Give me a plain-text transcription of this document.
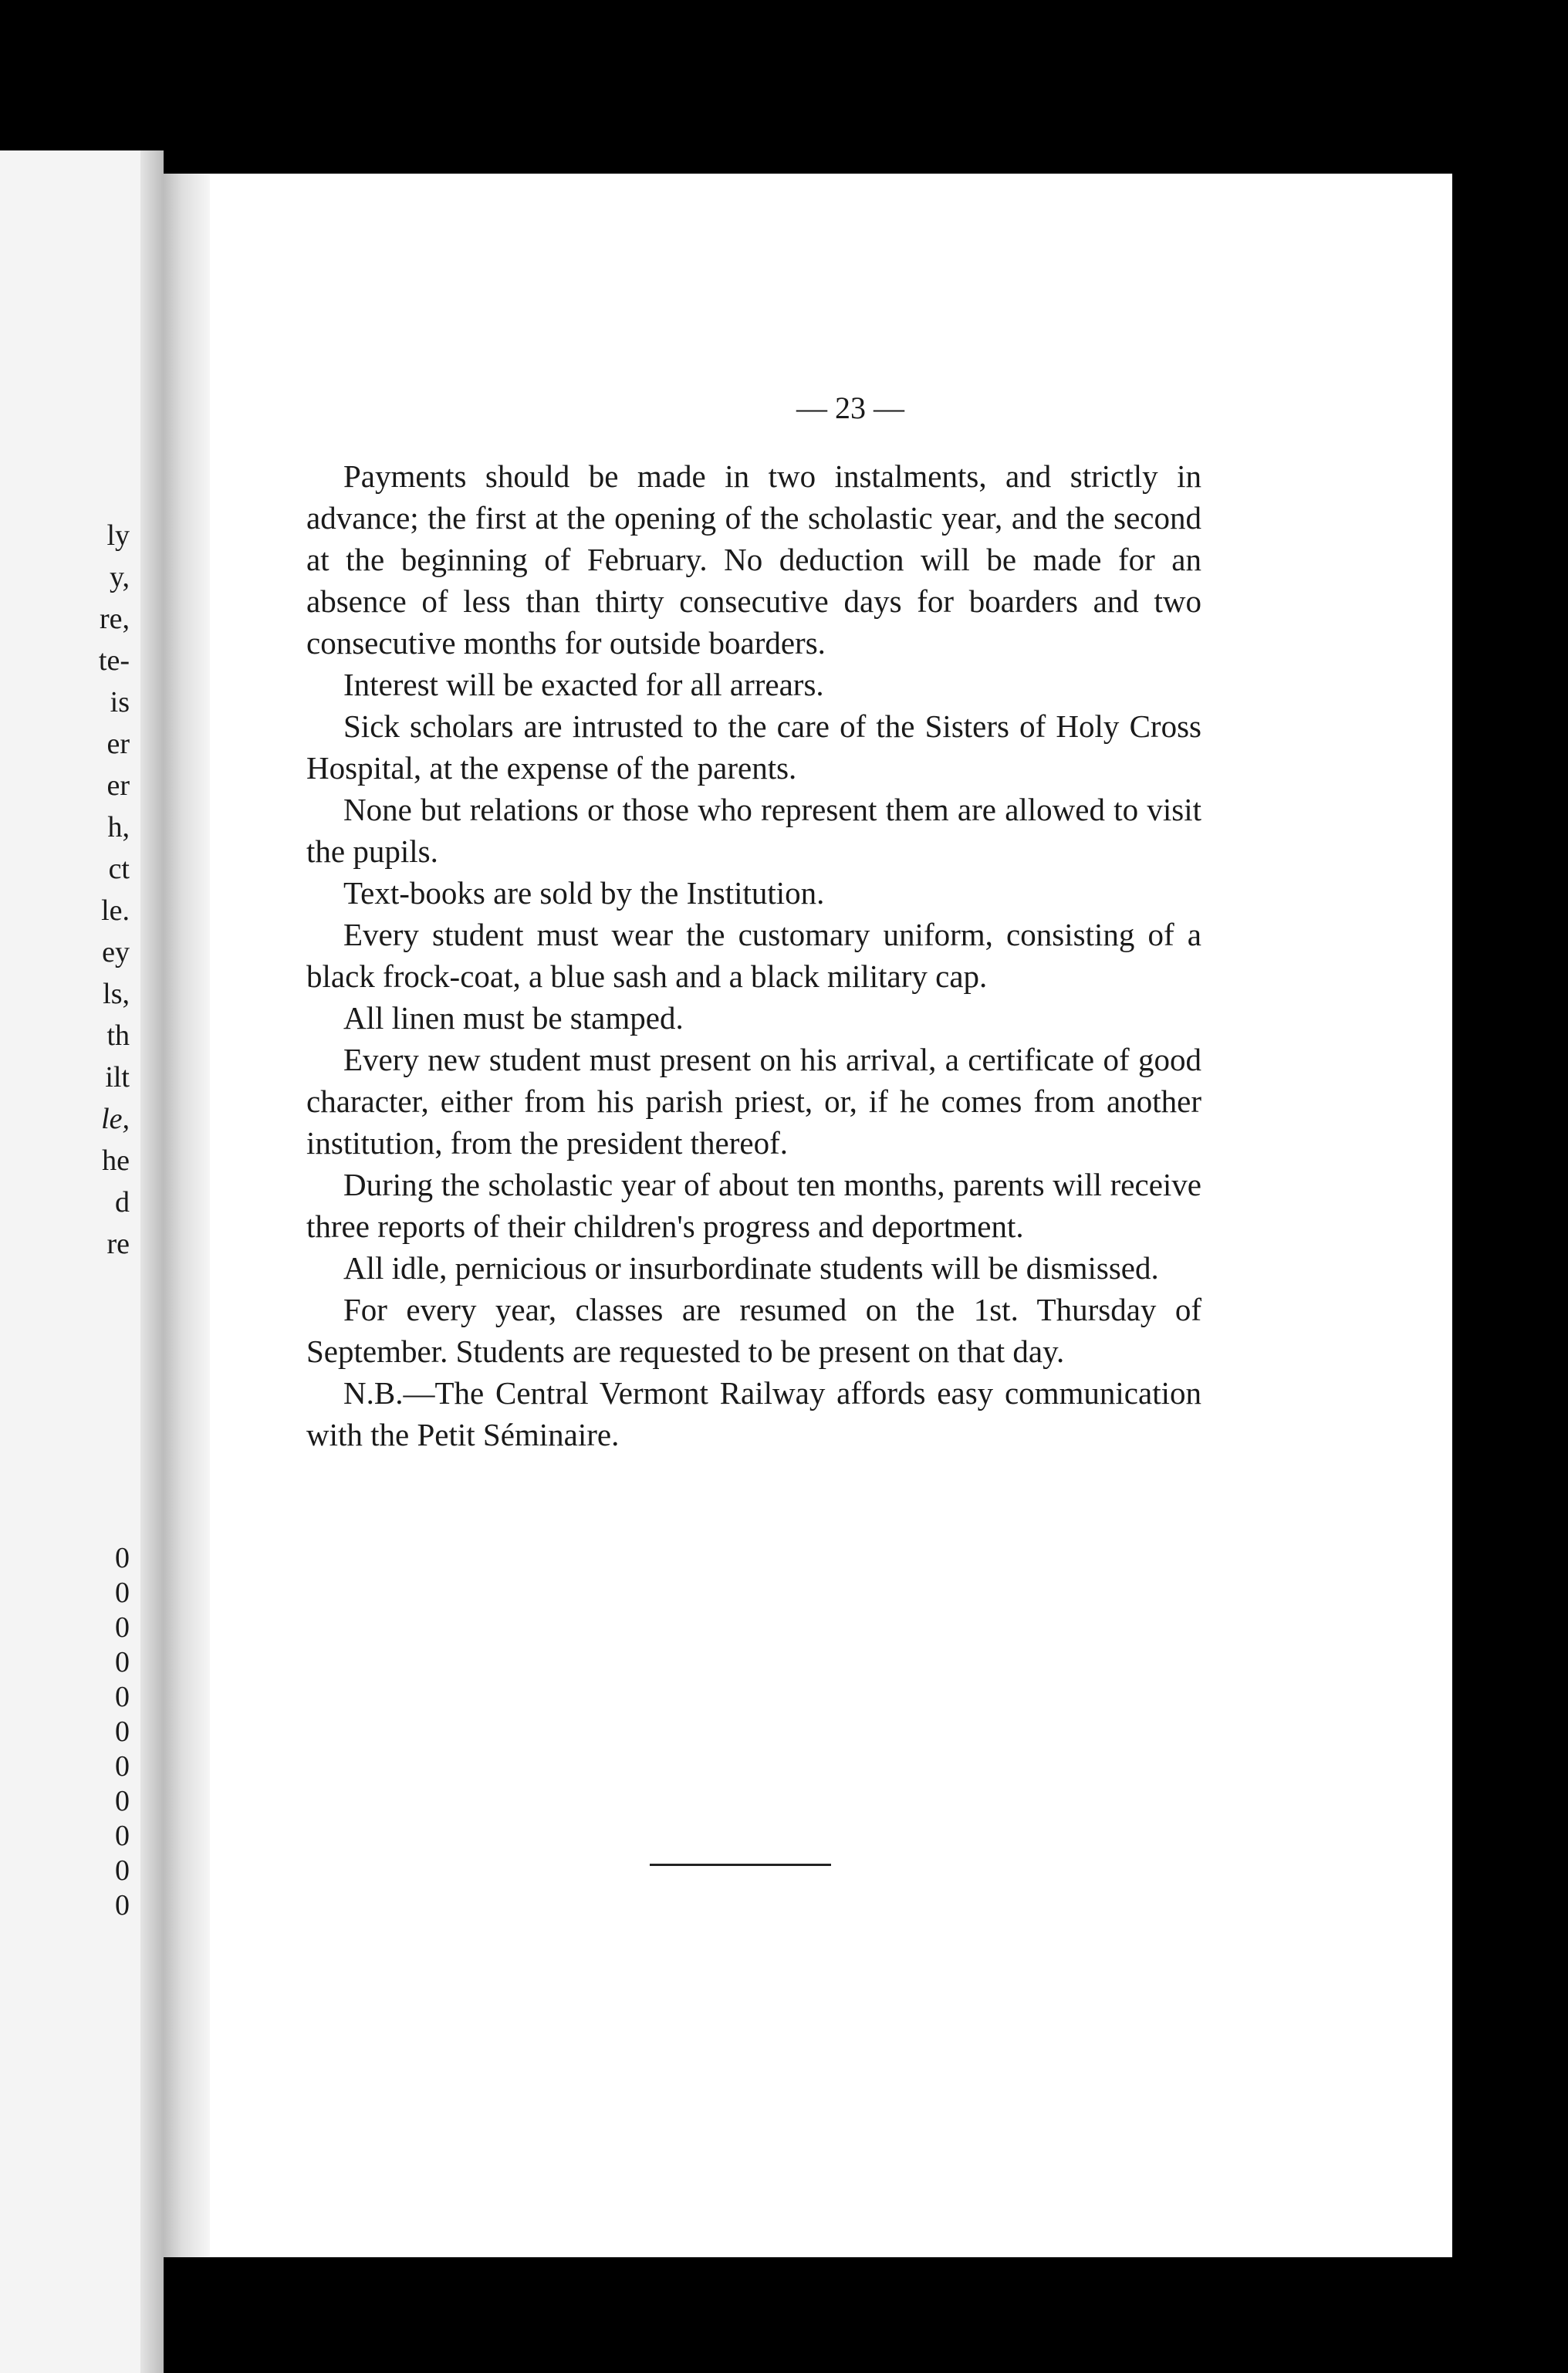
ly
y,
re,
te-
is
er
er
h,
ct
le.
ey
ls,
th
ilt
le,
he
d
re
0
0
0
0
0
0
0
0
0
0
0
— 23 —

Payments should be made in two instalments, and strictly in advance; the first at the opening of the scholastic year, and the second at the beginning of February. No deduction will be made for an absence of less than thirty consecutive days for boarders and two consecutive months for outside boarders.

Interest will be exacted for all arrears.

Sick scholars are intrusted to the care of the Sisters of Holy Cross Hospital, at the expense of the parents.

None but relations or those who represent them are allowed to visit the pupils.

Text-books are sold by the Institution.

Every student must wear the customary uniform, consisting of a black frock-coat, a blue sash and a black military cap.

All linen must be stamped.

Every new student must present on his arrival, a certificate of good character, either from his parish priest, or, if he comes from another institution, from the president thereof.

During the scholastic year of about ten months, parents will receive three reports of their children's progress and deportment.

All idle, pernicious or insurbordinate students will be dismissed.

For every year, classes are resumed on the 1st. Thursday of September. Students are requested to be present on that day.

N.B.—The Central Vermont Railway affords easy communication with the Petit Séminaire.
